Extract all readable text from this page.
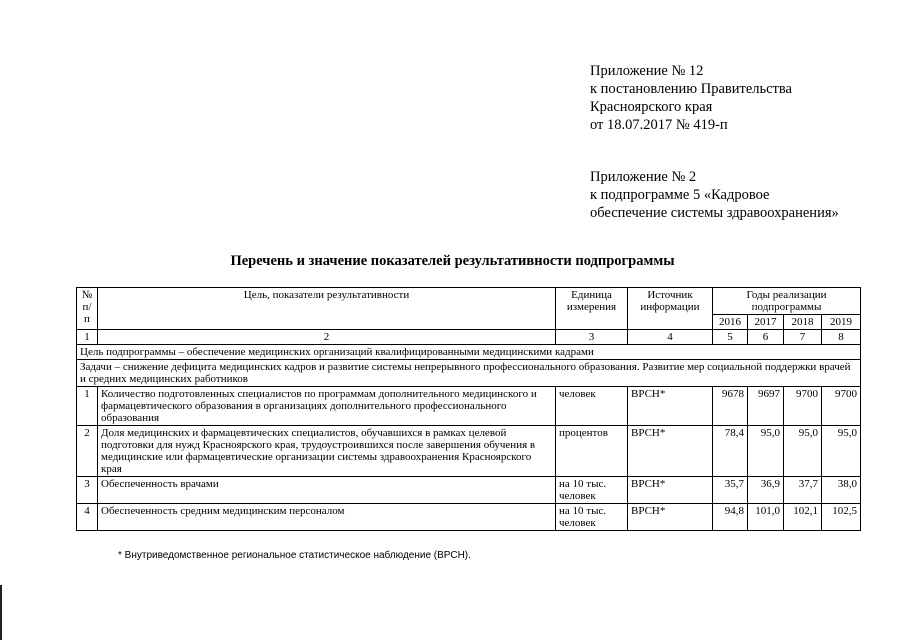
Приложение № 12
к постановлению Правительства
Красноярского края
от 18.07.2017 № 419-п
Приложение № 2
к подпрограмме 5 «Кадровое
обеспечение системы здравоохранения»
Перечень и значение показателей результативности подпрограммы
№ п/п	Цель, показатели результативности	Единица измерения	Источник информации	Годы реализации подпрограммы			
				2016	2017	2018	2019
1	2	3	4	5	6	7	8
Цель подпрограммы – обеспечение медицинских организаций квалифицированными медицинскими кадрами							
Задачи – снижение дефицита медицинских кадров и развитие системы непрерывного профессионального образования. Развитие мер социальной поддержки врачей и средних медицинских работников							
1	Количество подготовленных специалистов по программам дополнительного медицинского и фармацевтического образования в организациях дополнительного профессионального образования	человек	ВРСН*	9678	9697	9700	9700
2	Доля медицинских и фармацевтических специалистов, обучавшихся в рамках целевой подготовки для нужд Красноярского края, трудоустроившихся после завершения обучения в медицинские или фармацевтические организации системы здравоохранения Красноярского края	процентов	ВРСН*	78,4	95,0	95,0	95,0
3	Обеспеченность врачами	на 10 тыс. человек	ВРСН*	35,7	36,9	37,7	38,0
4	Обеспеченность средним медицинским персоналом	на 10 тыс. человек	ВРСН*	94,8	101,0	102,1	102,5
* Внутриведомственное региональное статистическое наблюдение (ВРСН).
